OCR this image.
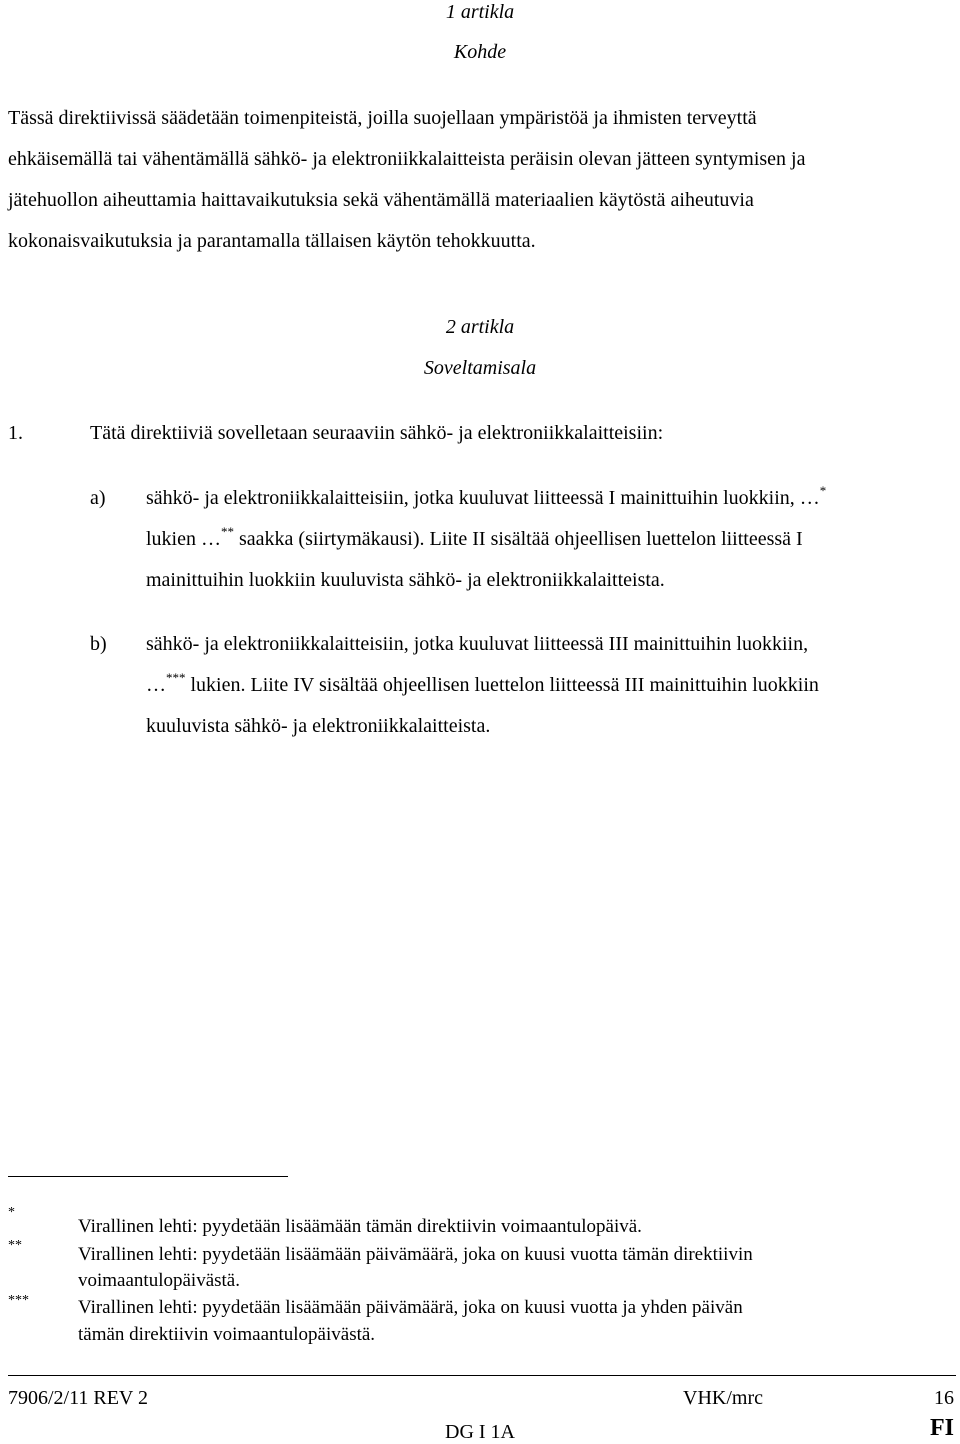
1 artikla
Kohde
Tässä direktiivissä säädetään toimenpiteistä, joilla suojellaan ympäristöä ja ihmisten terveyttä
ehkäisemällä tai vähentämällä sähkö- ja elektroniikkalaitteista peräisin olevan jätteen syntymisen ja
jätehuollon aiheuttamia haittavaikutuksia sekä vähentämällä materiaalien käytöstä aiheutuvia
kokonaisvaikutuksia ja parantamalla tällaisen käytön tehokkuutta.
2 artikla
Soveltamisala
1.	Tätä direktiiviä sovelletaan seuraaviin sähkö- ja elektroniikkalaitteisiin:
a) sähkö- ja elektroniikkalaitteisiin, jotka kuuluvat liitteessä I mainittuihin luokkiin, …*
lukien …** saakka (siirtymäkausi). Liite II sisältää ohjeellisen luettelon liitteessä I
mainittuihin luokkiin kuuluvista sähkö- ja elektroniikkalaitteista.
b) sähkö- ja elektroniikkalaitteisiin, jotka kuuluvat liitteessä III mainittuihin luokkiin,
…*** lukien. Liite IV sisältää ohjeellisen luettelon liitteessä III mainittuihin luokkiin
kuuluvista sähkö- ja elektroniikkalaitteista.
*
Virallinen lehti: pyydetään lisäämään tämän direktiivin voimaantulopäivä.
**	Virallinen lehti: pyydetään lisäämään päivämäärä, joka on kuusi vuotta tämän direktiivin
voimaantulopäivästä.
***	Virallinen lehti: pyydetään lisäämään päivämäärä, joka on kuusi vuotta ja yhden päivän
tämän direktiivin voimaantulopäivästä.
7906/2/11 REV 2	VHK/mrc	16
DG I 1A	FI
